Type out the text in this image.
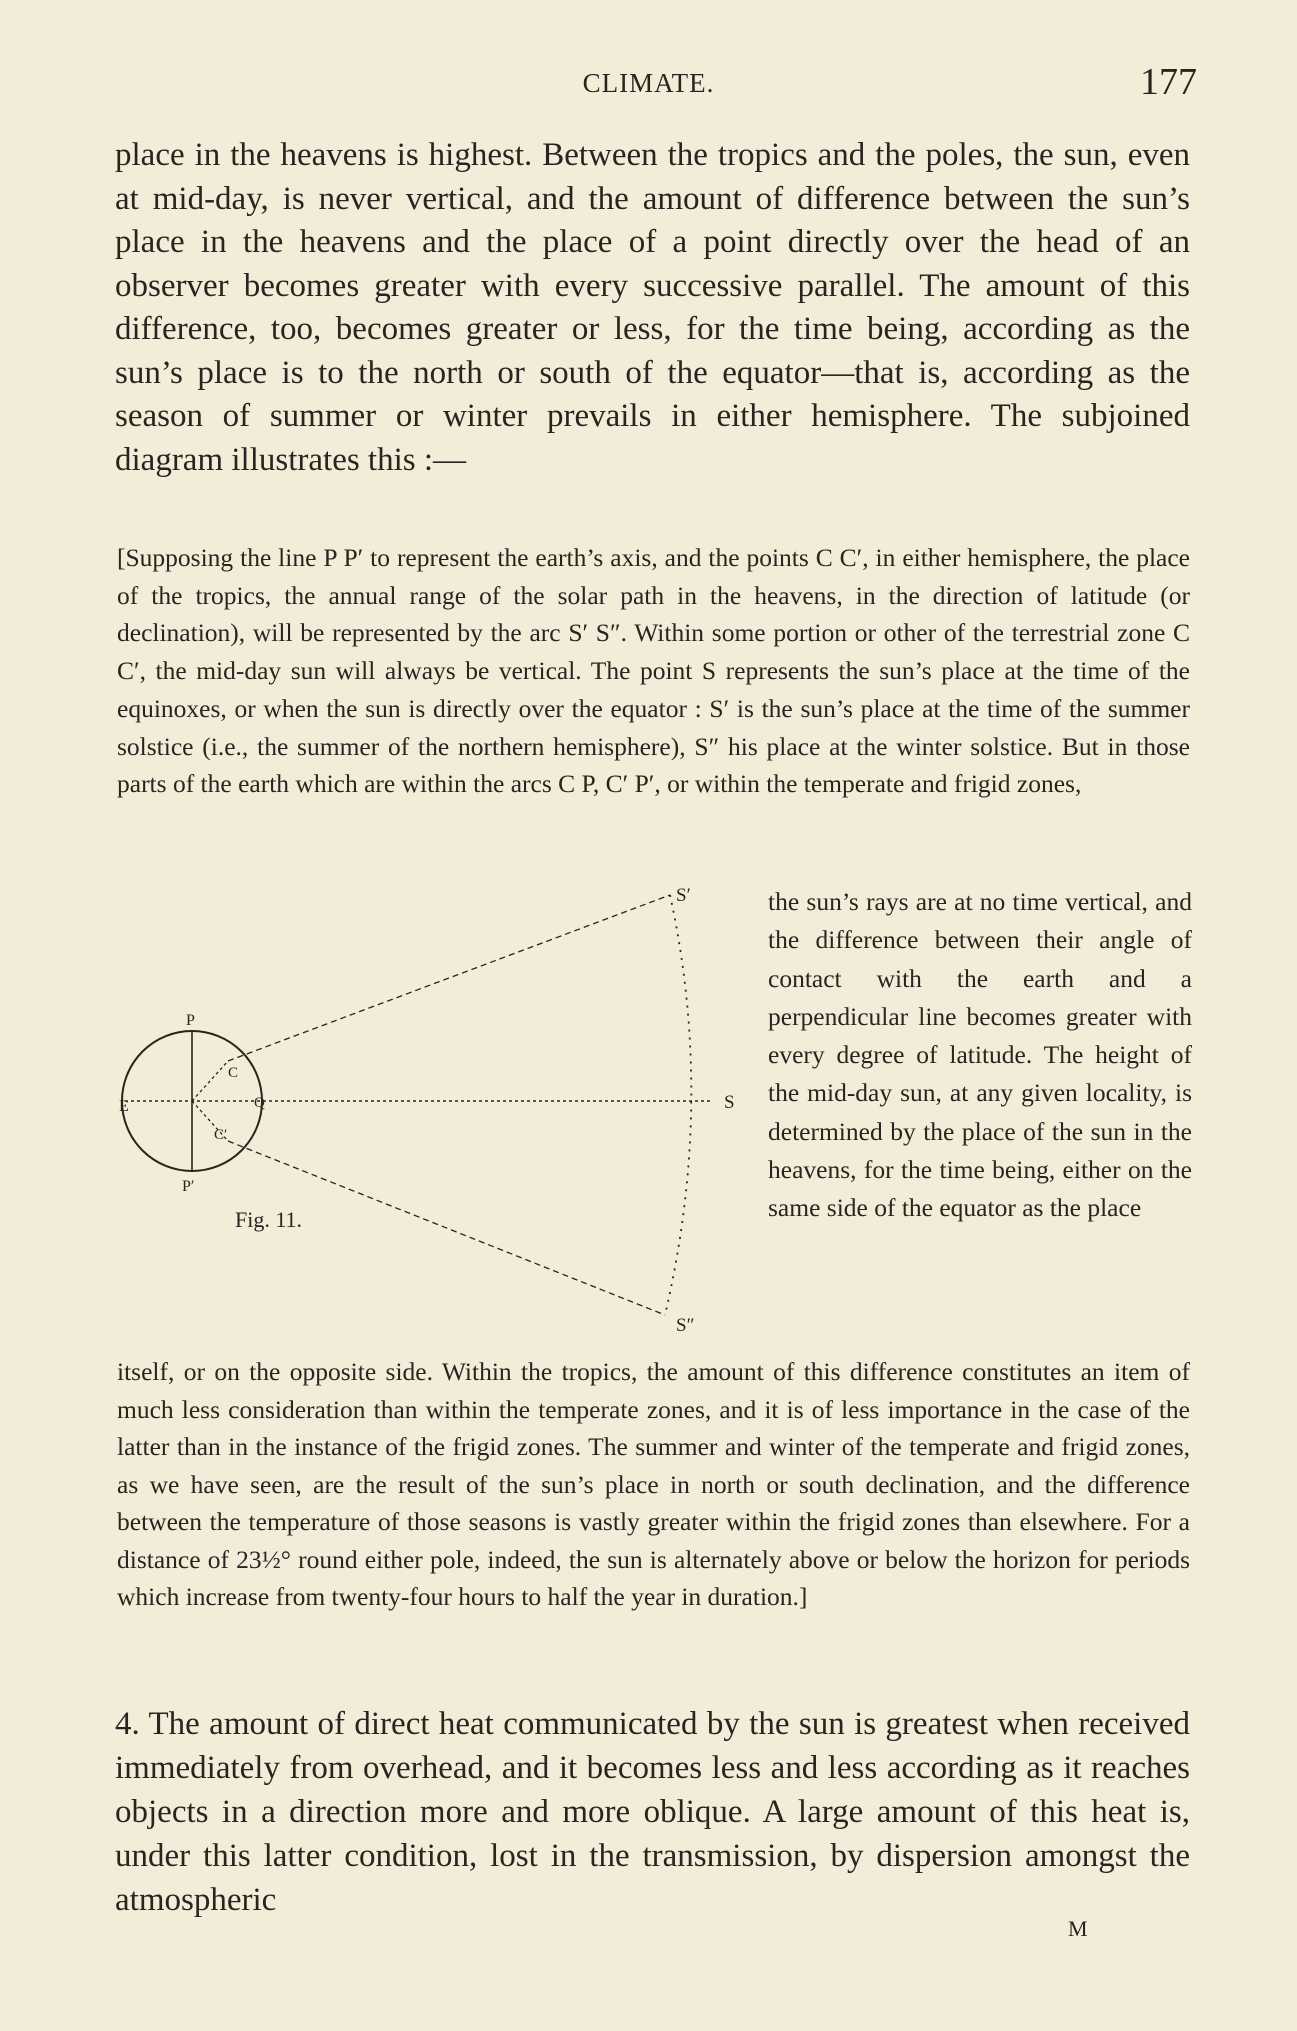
CLIMATE.	177
place in the heavens is highest. Between the tropics and the poles, the sun, even at mid-day, is never vertical, and the amount of difference between the sun’s place in the heavens and the place of a point directly over the head of an observer becomes greater with every successive parallel. The amount of this difference, too, becomes greater or less, for the time being, according as the sun’s place is to the north or south of the equator—that is, according as the season of summer or winter prevails in either hemisphere. The subjoined diagram illustrates this :—
[Supposing the line P P′ to represent the earth’s axis, and the points C C′, in either hemisphere, the place of the tropics, the annual range of the solar path in the heavens, in the direction of latitude (or declination), will be represented by the arc S′ S″. Within some portion or other of the terrestrial zone C C′, the mid-day sun will always be vertical. The point S represents the sun’s place at the time of the equinoxes, or when the sun is directly over the equator : S′ is the sun’s place at the time of the summer solstice (i.e., the summer of the northern hemisphere), S″ his place at the winter solstice. But in those parts of the earth which are within the arcs C P, C′ P′, or within the temperate and frigid zones,
P
P′
E
C
C′
Q	S
S′
S″
Fig. 11.
the sun’s rays are at no time vertical, and the difference between their angle of contact with the earth and a perpendicular line becomes greater with every degree of latitude. The height of the mid-day sun, at any given locality, is determined by the place of the sun in the heavens, for the time being, either on the same side of the equator as the place
itself, or on the opposite side. Within the tropics, the amount of this difference constitutes an item of much less consideration than within the temperate zones, and it is of less importance in the case of the latter than in the instance of the frigid zones. The summer and winter of the temperate and frigid zones, as we have seen, are the result of the sun’s place in north or south declination, and the difference between the temperature of those seasons is vastly greater within the frigid zones than elsewhere. For a distance of 23½° round either pole, indeed, the sun is alternately above or below the horizon for periods which increase from twenty-four hours to half the year in duration.]
4. The amount of direct heat communicated by the sun is greatest when received immediately from overhead, and it becomes less and less according as it reaches objects in a direction more and more oblique. A large amount of this heat is, under this latter condition, lost in the transmission, by dispersion amongst the atmospheric
M
